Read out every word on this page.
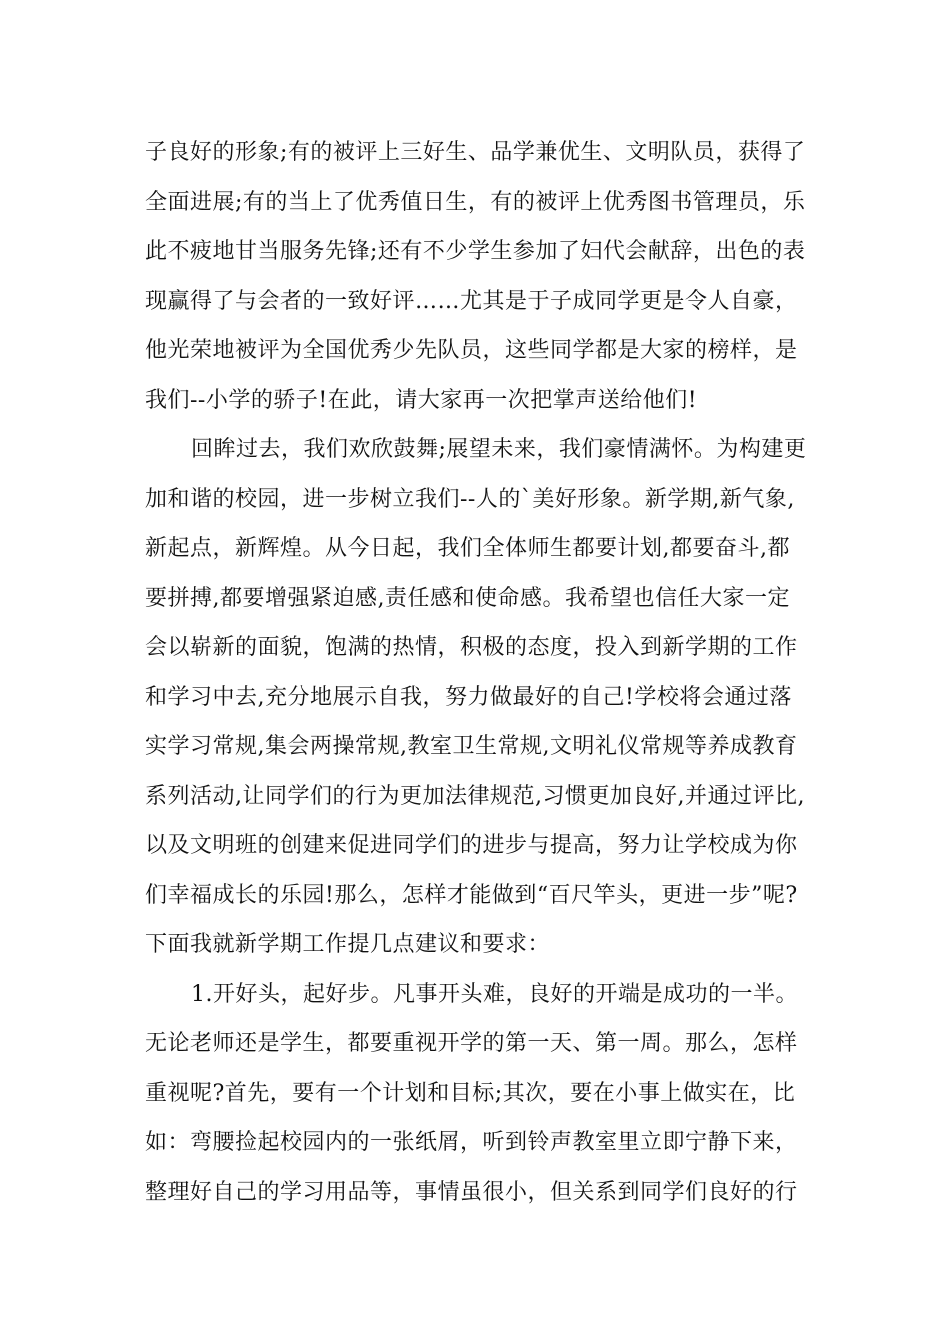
子良好的形象;有的被评上三好生、品学兼优生、文明队员，获得了
全面进展;有的当上了优秀值日生，有的被评上优秀图书管理员，乐
此不疲地甘当服务先锋;还有不少学生参加了妇代会献辞，出色的表
现赢得了与会者的一致好评……尤其是于子成同学更是令人自豪，
他光荣地被评为全国优秀少先队员，这些同学都是大家的榜样，是
我们--小学的骄子!在此，请大家再一次把掌声送给他们!
回眸过去，我们欢欣鼓舞;展望未来，我们豪情满怀。为构建更
加和谐的校园，进一步树立我们--人的`美好形象。新学期,新气象,
新起点，新辉煌。从今日起，我们全体师生都要计划,都要奋斗,都
要拼搏,都要增强紧迫感,责任感和使命感。我希望也信任大家一定
会以崭新的面貌，饱满的热情，积极的态度，投入到新学期的工作
和学习中去,充分地展示自我，努力做最好的自己!学校将会通过落
实学习常规,集会两操常规,教室卫生常规,文明礼仪常规等养成教育
系列活动,让同学们的行为更加法律规范,习惯更加良好,并通过评比,
以及文明班的创建来促进同学们的进步与提高，努力让学校成为你
们幸福成长的乐园!那么，怎样才能做到“百尺竿头，更进一步”呢?
下面我就新学期工作提几点建议和要求：
1.开好头，起好步。凡事开头难，良好的开端是成功的一半。
无论老师还是学生，都要重视开学的第一天、第一周。那么，怎样
重视呢?首先，要有一个计划和目标;其次，要在小事上做实在，比
如：弯腰捡起校园内的一张纸屑，听到铃声教室里立即宁静下来，
整理好自己的学习用品等，事情虽很小，但关系到同学们良好的行
